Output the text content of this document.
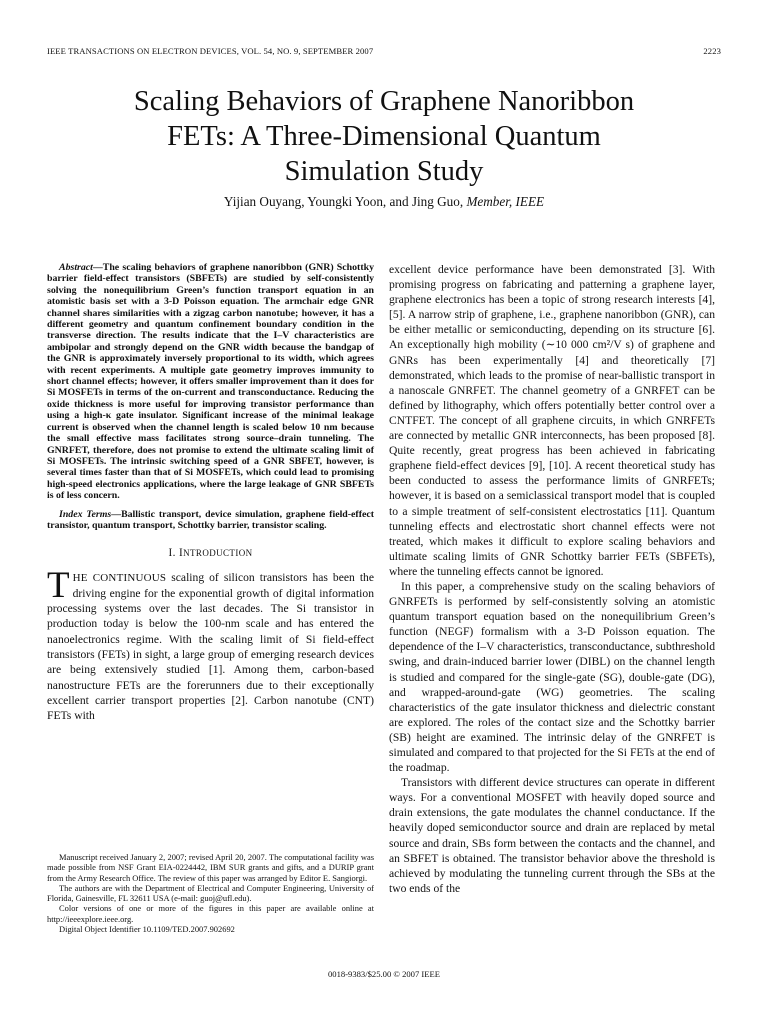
IEEE TRANSACTIONS ON ELECTRON DEVICES, VOL. 54, NO. 9, SEPTEMBER 2007	2223
Scaling Behaviors of Graphene Nanoribbon
FETs: A Three-Dimensional Quantum
Simulation Study
Yijian Ouyang, Youngki Yoon, and Jing Guo, Member, IEEE

Abstract—The scaling behaviors of graphene nanoribbon (GNR) Schottky barrier field-effect transistors (SBFETs) are studied by self-consistently solving the nonequilibrium Green’s function transport equation in an atomistic basis set with a 3-D Poisson equation. The armchair edge GNR channel shares similarities with a zigzag carbon nanotube; however, it has a different geometry and quantum confinement boundary condition in the transverse direction. The results indicate that the I–V characteristics are ambipolar and strongly depend on the GNR width because the bandgap of the GNR is approximately inversely proportional to its width, which agrees with recent experiments. A multiple gate geometry improves immunity to short channel effects; however, it offers smaller improvement than it does for Si MOSFETs in terms of the on-current and transconductance. Reducing the oxide thickness is more useful for improving transistor performance than using a high-κ gate insulator. Significant increase of the minimal leakage current is observed when the channel length is scaled below 10 nm because the small effective mass facilitates strong source–drain tunneling. The GNRFET, therefore, does not promise to extend the ultimate scaling limit of Si MOSFETs. The intrinsic switching speed of a GNR SBFET, however, is several times faster than that of Si MOSFETs, which could lead to promising high-speed electronics applications, where the large leakage of GNR SBFETs is of less concern.

Index Terms—Ballistic transport, device simulation, graphene field-effect transistor, quantum transport, Schottky barrier, transistor scaling.

I. INTRODUCTION

THE CONTINUOUS scaling of silicon transistors has been the driving engine for the exponential growth of digital information processing systems over the last decades. The Si transistor in production today is below the 100-nm scale and has entered the nanoelectronics regime. With the scaling limit of Si field-effect transistors (FETs) in sight, a large group of emerging research devices are being extensively studied [1]. Among them, carbon-based nanostructure FETs are the forerunners due to their exceptionally excellent carrier transport properties [2]. Carbon nanotube (CNT) FETs with

Manuscript received January 2, 2007; revised April 20, 2007. The computational facility was made possible from NSF Grant EIA-0224442, IBM SUR grants and gifts, and a DURIP grant from the Army Research Office. The review of this paper was arranged by Editor E. Sangiorgi.

The authors are with the Department of Electrical and Computer Engineering, University of Florida, Gainesville, FL 32611 USA (e-mail: guoj@ufl.edu).

Color versions of one or more of the figures in this paper are available online at http://ieeexplore.ieee.org.

Digital Object Identifier 10.1109/TED.2007.902692

excellent device performance have been demonstrated [3]. With promising progress on fabricating and patterning a graphene layer, graphene electronics has been a topic of strong research interests [4], [5]. A narrow strip of graphene, i.e., graphene nanoribbon (GNR), can be either metallic or semiconducting, depending on its structure [6]. An exceptionally high mobility (∼10 000 cm²/V s) of graphene and GNRs has been experimentally [4] and theoretically [7] demonstrated, which leads to the promise of near-ballistic transport in a nanoscale GNRFET. The channel geometry of a GNRFET can be defined by lithography, which offers potentially better control over a CNTFET. The concept of all graphene circuits, in which GNRFETs are connected by metallic GNR interconnects, has been proposed [8]. Quite recently, great progress has been achieved in fabricating graphene field-effect devices [9], [10]. A recent theoretical study has been conducted to assess the performance limits of GNRFETs; however, it is based on a semiclassical transport model that is coupled to a simple treatment of self-consistent electrostatics [11]. Quantum tunneling effects and electrostatic short channel effects were not treated, which makes it difficult to explore scaling behaviors and ultimate scaling limits of GNR Schottky barrier FETs (SBFETs), where the tunneling effects cannot be ignored.

In this paper, a comprehensive study on the scaling behaviors of GNRFETs is performed by self-consistently solving an atomistic quantum transport equation based on the nonequilibrium Green’s function (NEGF) formalism with a 3-D Poisson equation. The dependence of the I–V characteristics, transconductance, subthreshold swing, and drain-induced barrier lower (DIBL) on the channel length is studied and compared for the single-gate (SG), double-gate (DG), and wrapped-around-gate (WG) geometries. The scaling characteristics of the gate insulator thickness and dielectric constant are explored. The roles of the contact size and the Schottky barrier (SB) height are examined. The intrinsic delay of the GNRFET is simulated and compared to that projected for the Si FETs at the end of the roadmap.

Transistors with different device structures can operate in different ways. For a conventional MOSFET with heavily doped source and drain extensions, the gate modulates the channel conductance. If the heavily doped semiconductor source and drain are replaced by metal source and drain, SBs form between the contacts and the channel, and an SBFET is obtained. The transistor behavior above the threshold is achieved by modulating the tunneling current through the SBs at the two ends of the

0018-9383/$25.00 © 2007 IEEE
